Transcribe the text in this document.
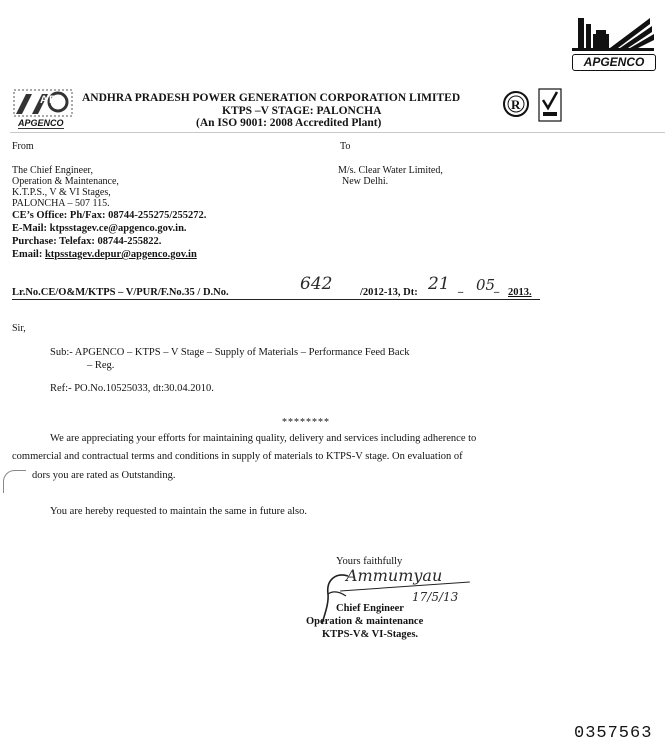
APGENCO
AP
APGENCO
ANDHRA PRADESH POWER GENERATION CORPORATION LIMITED
KTPS –V STAGE: PALONCHA
(An ISO 9001: 2008 Accredited Plant)
R
From	To
The Chief Engineer,
Operation & Maintenance,
K.T.P.S., V & VI Stages,
PALONCHA – 507 115.
CE’s Office: Ph/Fax: 08744-255275/255272.
E-Mail: ktpsstagev.ce@apgenco.gov.in.
Purchase: Telefax: 08744-255822.
Email: ktpsstagev.depur@apgenco.gov.in
M/s. Clear Water Limited,
New Delhi.
Lr.No.CE/O&M/KTPS – V/PUR/F.No.35 / D.No.	642	/2012-13, Dt: 21 – 05
– 2013.
Sir,
Sub:- APGENCO – KTPS – V Stage – Supply of Materials – Performance Feed Back
– Reg.
Ref:- PO.No.10525033, dt:30.04.2010.
********
We are appreciating your efforts for maintaining quality, delivery and services including adherence to
commercial and contractual terms and conditions in supply of materials to KTPS-V stage. On evaluation of
dors you are rated as Outstanding.
You are hereby requested to maintain the same in future also.
Yours faithfully
Ammumyau
17/5/13
Chief Engineer
Operation & maintenance
KTPS-V& VI-Stages.
0357563
